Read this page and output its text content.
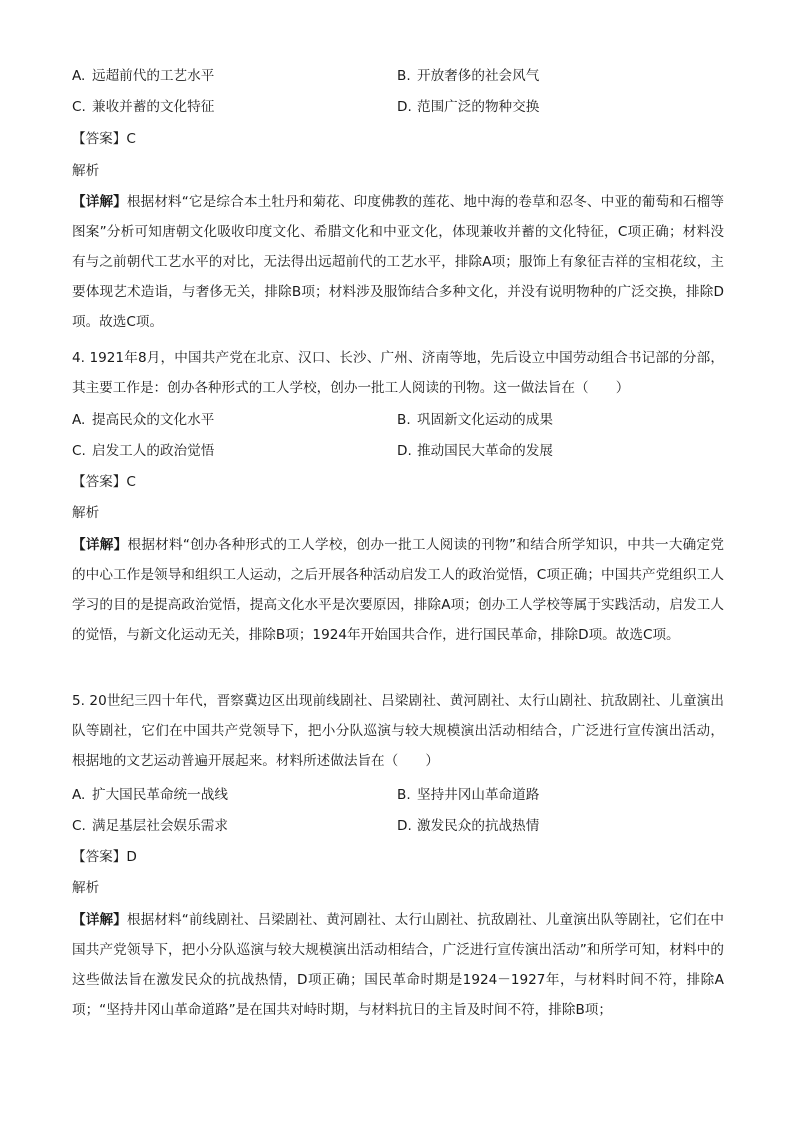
A. 远超前代的工艺水平	B. 开放奢侈的社会风气
C. 兼收并蓄的文化特征	D. 范围广泛的物种交换
【答案】C
解析
【详解】根据材料“它是综合本土牡丹和菊花、印度佛教的莲花、地中海的卷草和忍冬、中亚的葡萄和石榴等图案”分析可知唐朝文化吸收印度文化、希腊文化和中亚文化，体现兼收并蓄的文化特征，C项正确；材料没有与之前朝代工艺水平的对比，无法得出远超前代的工艺水平，排除A项；服饰上有象征吉祥的宝相花纹，主要体现艺术造诣，与奢侈无关，排除B项；材料涉及服饰结合多种文化，并没有说明物种的广泛交换，排除D项。故选C项。
4. 1921年8月，中国共产党在北京、汉口、长沙、广州、济南等地，先后设立中国劳动组合书记部的分部，其主要工作是：创办各种形式的工人学校，创办一批工人阅读的刊物。这一做法旨在（　　）
A. 提高民众的文化水平	B. 巩固新文化运动的成果
C. 启发工人的政治觉悟	D. 推动国民大革命的发展
【答案】C
解析
【详解】根据材料“创办各种形式的工人学校，创办一批工人阅读的刊物”和结合所学知识，中共一大确定党的中心工作是领导和组织工人运动，之后开展各种活动启发工人的政治觉悟，C项正确；中国共产党组织工人学习的目的是提高政治觉悟，提高文化水平是次要原因，排除A项；创办工人学校等属于实践活动，启发工人的觉悟，与新文化运动无关，排除B项；1924年开始国共合作，进行国民革命，排除D项。故选C项。
5. 20世纪三四十年代，晋察冀边区出现前线剧社、吕梁剧社、黄河剧社、太行山剧社、抗敌剧社、儿童演出队等剧社，它们在中国共产党领导下，把小分队巡演与较大规模演出活动相结合，广泛进行宣传演出活动，根据地的文艺运动普遍开展起来。材料所述做法旨在（　　）
A. 扩大国民革命统一战线	B. 坚持井冈山革命道路
C. 满足基层社会娱乐需求	D. 激发民众的抗战热情
【答案】D
解析
【详解】根据材料“前线剧社、吕梁剧社、黄河剧社、太行山剧社、抗敌剧社、儿童演出队等剧社，它们在中国共产党领导下，把小分队巡演与较大规模演出活动相结合，广泛进行宣传演出活动”和所学可知，材料中的这些做法旨在激发民众的抗战热情，D项正确；国民革命时期是1924－1927年，与材料时间不符，排除A项；“坚持井冈山革命道路”是在国共对峙时期，与材料抗日的主旨及时间不符，排除B项；
